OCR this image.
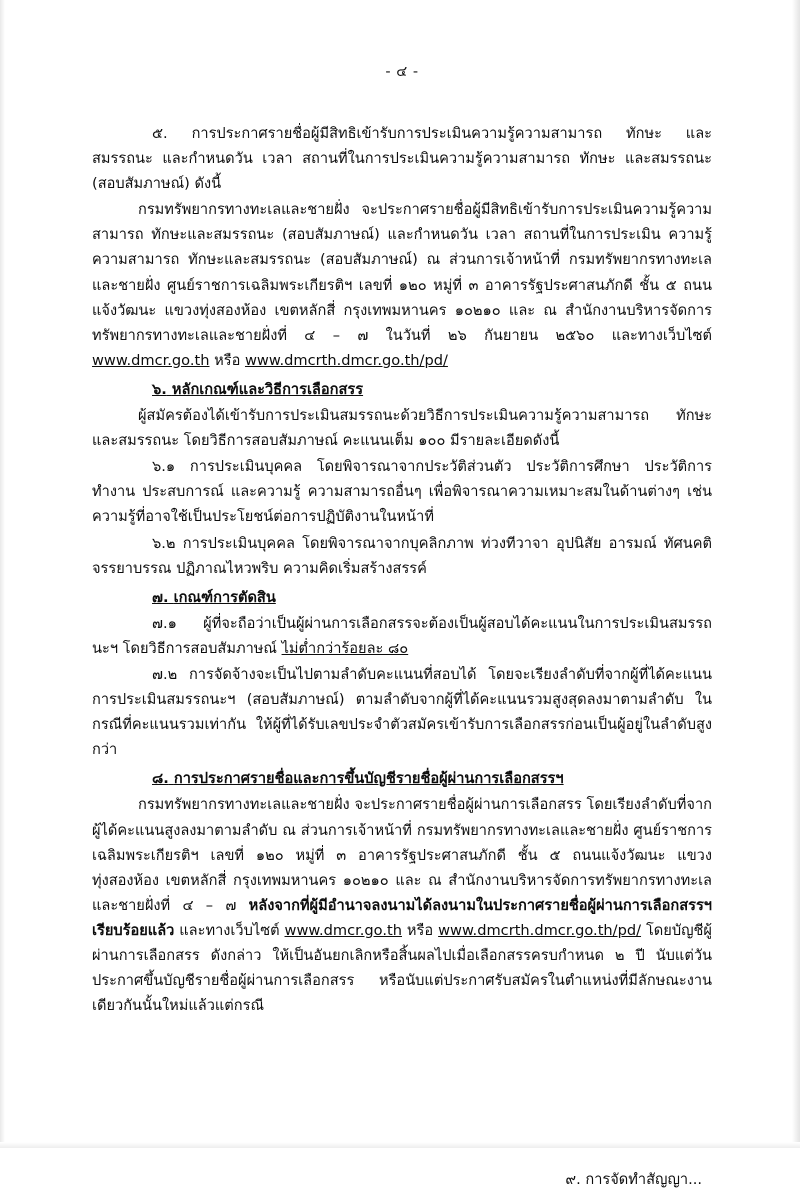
- ๔ -

๕. การประกาศรายชื่อผู้มีสิทธิเข้ารับการประเมินความรู้ความสามารถ ทักษะ และสมรรถนะ และกำหนดวัน เวลา สถานที่ในการประเมินความรู้ความสามารถ ทักษะ และสมรรถนะ (สอบสัมภาษณ์) ดังนี้

กรมทรัพยากรทางทะเลและชายฝั่ง จะประกาศรายชื่อผู้มีสิทธิเข้ารับการประเมินความรู้ความสามารถ ทักษะและสมรรถนะ (สอบสัมภาษณ์) และกำหนดวัน เวลา สถานที่ในการประเมิน ความรู้ความสามารถ ทักษะและสมรรถนะ (สอบสัมภาษณ์) ณ ส่วนการเจ้าหน้าที่ กรมทรัพยากรทางทะเลและชายฝั่ง ศูนย์ราชการเฉลิมพระเกียรติฯ เลขที่ ๑๒๐ หมู่ที่ ๓ อาคารรัฐประศาสนภักดี ชั้น ๕ ถนนแจ้งวัฒนะ แขวงทุ่งสองห้อง เขตหลักสี่ กรุงเทพมหานคร ๑๐๒๑๐ และ ณ สำนักงานบริหารจัดการทรัพยากรทางทะเลและชายฝั่งที่ ๔ – ๗ ในวันที่ ๒๖ กันยายน ๒๕๖๐ และทางเว็บไซต์ www.dmcr.go.th หรือ www.dmcrth.dmcr.go.th/pd/

๖. หลักเกณฑ์และวิธีการเลือกสรร

ผู้สมัครต้องได้เข้ารับการประเมินสมรรถนะด้วยวิธีการประเมินความรู้ความสามารถ ทักษะ และสมรรถนะ โดยวิธีการสอบสัมภาษณ์ คะแนนเต็ม ๑๐๐ มีรายละเอียดดังนี้

๖.๑ การประเมินบุคคล โดยพิจารณาจากประวัติส่วนตัว ประวัติการศึกษา ประวัติการทำงาน ประสบการณ์ และความรู้ ความสามารถอื่นๆ เพื่อพิจารณาความเหมาะสมในด้านต่างๆ เช่น ความรู้ที่อาจใช้เป็นประโยชน์ต่อการปฏิบัติงานในหน้าที่

๖.๒ การประเมินบุคคล โดยพิจารณาจากบุคลิกภาพ ท่วงทีวาจา อุปนิสัย อารมณ์ ทัศนคติ จรรยาบรรณ ปฏิภาณไหวพริบ ความคิดเริ่มสร้างสรรค์

๗. เกณฑ์การตัดสิน

๗.๑ ผู้ที่จะถือว่าเป็นผู้ผ่านการเลือกสรรจะต้องเป็นผู้สอบได้คะแนนในการประเมินสมรรถนะฯ โดยวิธีการสอบสัมภาษณ์ ไม่ต่ำกว่าร้อยละ ๘๐

๗.๒ การจัดจ้างจะเป็นไปตามลำดับคะแนนที่สอบได้ โดยจะเรียงลำดับที่จากผู้ที่ได้คะแนนการประเมินสมรรถนะฯ (สอบสัมภาษณ์) ตามลำดับจากผู้ที่ได้คะแนนรวมสูงสุดลงมาตามลำดับ ในกรณีที่คะแนนรวมเท่ากัน ให้ผู้ที่ได้รับเลขประจำตัวสมัครเข้ารับการเลือกสรรก่อนเป็นผู้อยู่ในลำดับสูงกว่า

๘. การประกาศรายชื่อและการขึ้นบัญชีรายชื่อผู้ผ่านการเลือกสรรฯ

กรมทรัพยากรทางทะเลและชายฝั่ง จะประกาศรายชื่อผู้ผ่านการเลือกสรร โดยเรียงลำดับที่จากผู้ได้คะแนนสูงลงมาตามลำดับ ณ ส่วนการเจ้าหน้าที่ กรมทรัพยากรทางทะเลและชายฝั่ง ศูนย์ราชการเฉลิมพระเกียรติฯ เลขที่ ๑๒๐ หมู่ที่ ๓ อาคารรัฐประศาสนภักดี ชั้น ๕ ถนนแจ้งวัฒนะ แขวงทุ่งสองห้อง เขตหลักสี่ กรุงเทพมหานคร ๑๐๒๑๐ และ ณ สำนักงานบริหารจัดการทรัพยากรทางทะเลและชายฝั่งที่ ๔ – ๗ หลังจากที่ผู้มีอำนาจลงนามได้ลงนามในประกาศรายชื่อผู้ผ่านการเลือกสรรฯ เรียบร้อยแล้ว และทางเว็บไซต์ www.dmcr.go.th หรือ www.dmcrth.dmcr.go.th/pd/ โดยบัญชีผู้ผ่านการเลือกสรร ดังกล่าว ให้เป็นอันยกเลิกหรือสิ้นผลไปเมื่อเลือกสรรครบกำหนด ๒ ปี นับแต่วันประกาศขึ้นบัญชีรายชื่อผู้ผ่านการเลือกสรร หรือนับแต่ประกาศรับสมัครในตำแหน่งที่มีลักษณะงานเดียวกันนั้นใหม่แล้วแต่กรณี

๙. การจัดทำสัญญา...
